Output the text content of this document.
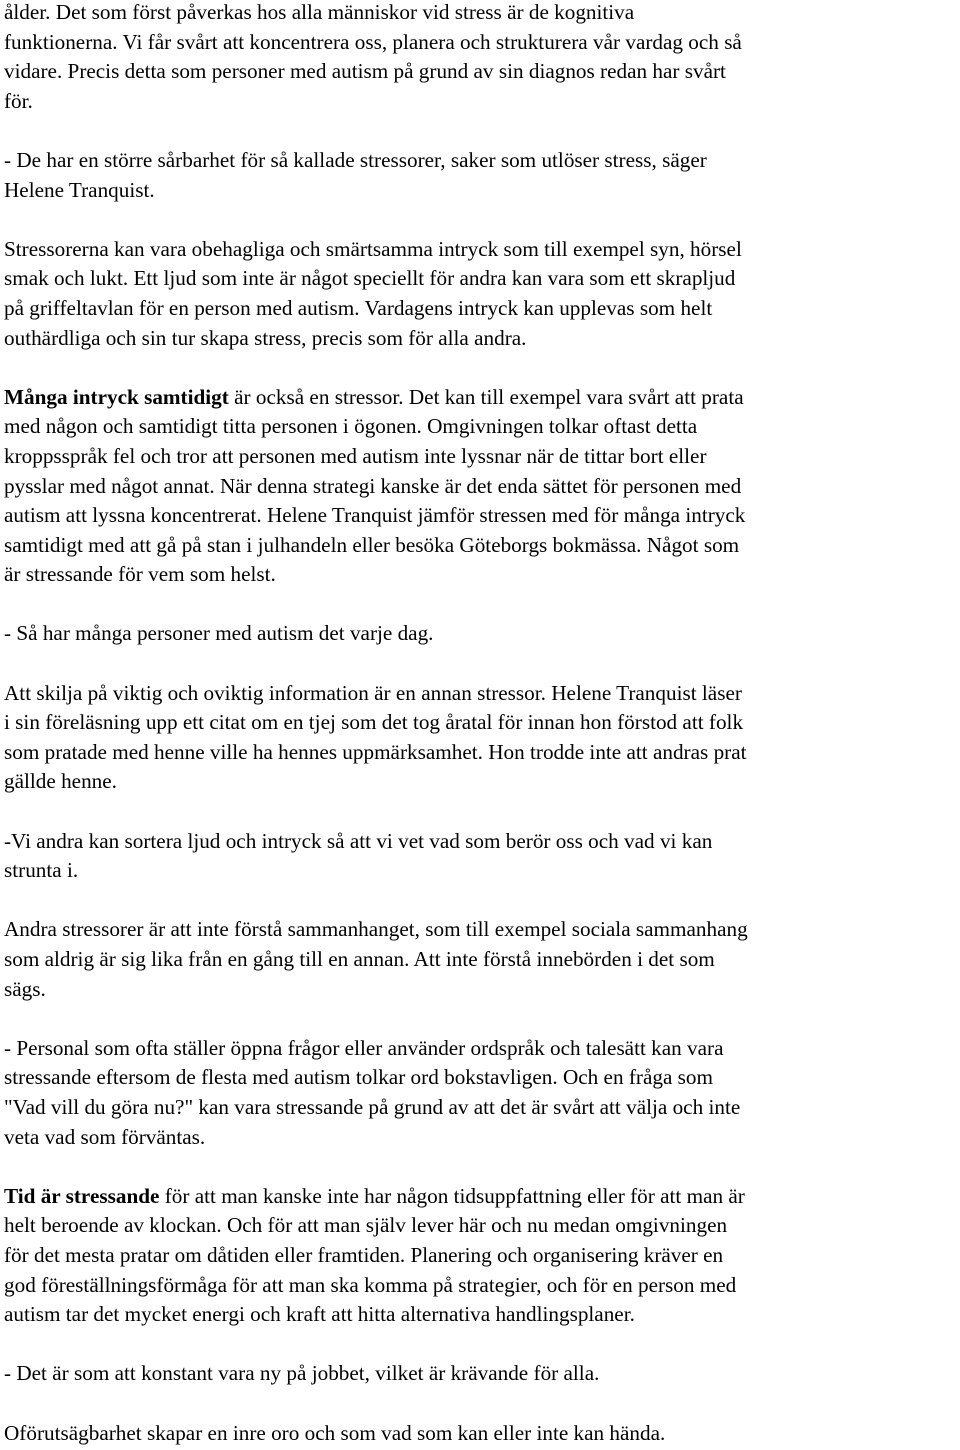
ålder. Det som först påverkas hos alla människor vid stress är de kognitiva
funktionerna. Vi får svårt att koncentrera oss, planera och strukturera vår vardag och så
vidare. Precis detta som personer med autism på grund av sin diagnos redan har svårt
för.
- De har en större sårbarhet för så kallade stressorer, saker som utlöser stress, säger
Helene Tranquist.
Stressorerna kan vara obehagliga och smärtsamma intryck som till exempel syn, hörsel
smak och lukt. Ett ljud som inte är något speciellt för andra kan vara som ett skrapljud
på griffeltavlan för en person med autism. Vardagens intryck kan upplevas som helt
outhärdliga och sin tur skapa stress, precis som för alla andra.
Många intryck samtidigt är också en stressor. Det kan till exempel vara svårt att prata
med någon och samtidigt titta personen i ögonen. Omgivningen tolkar oftast detta
kroppsspråk fel och tror att personen med autism inte lyssnar när de tittar bort eller
pysslar med något annat. När denna strategi kanske är det enda sättet för personen med
autism att lyssna koncentrerat. Helene Tranquist jämför stressen med för många intryck
samtidigt med att gå på stan i julhandeln eller besöka Göteborgs bokmässa. Något som
är stressande för vem som helst.
- Så har många personer med autism det varje dag.
Att skilja på viktig och oviktig information är en annan stressor. Helene Tranquist läser
i sin föreläsning upp ett citat om en tjej som det tog åratal för innan hon förstod att folk
som pratade med henne ville ha hennes uppmärksamhet. Hon trodde inte att andras prat
gällde henne.
-Vi andra kan sortera ljud och intryck så att vi vet vad som berör oss och vad vi kan
strunta i.
Andra stressorer är att inte förstå sammanhanget, som till exempel sociala sammanhang
som aldrig är sig lika från en gång till en annan. Att inte förstå innebörden i det som
sägs.
- Personal som ofta ställer öppna frågor eller använder ordspråk och talesätt kan vara
stressande eftersom de flesta med autism tolkar ord bokstavligen. Och en fråga som
"Vad vill du göra nu?" kan vara stressande på grund av att det är svårt att välja och inte
veta vad som förväntas.
Tid är stressande för att man kanske inte har någon tidsuppfattning eller för att man är
helt beroende av klockan. Och för att man själv lever här och nu medan omgivningen
för det mesta pratar om dåtiden eller framtiden. Planering och organisering kräver en
god föreställningsförmåga för att man ska komma på strategier, och för en person med
autism tar det mycket energi och kraft att hitta alternativa handlingsplaner.
- Det är som att konstant vara ny på jobbet, vilket är krävande för alla.
Oförutsägbarhet skapar en inre oro och som vad som kan eller inte kan hända.
